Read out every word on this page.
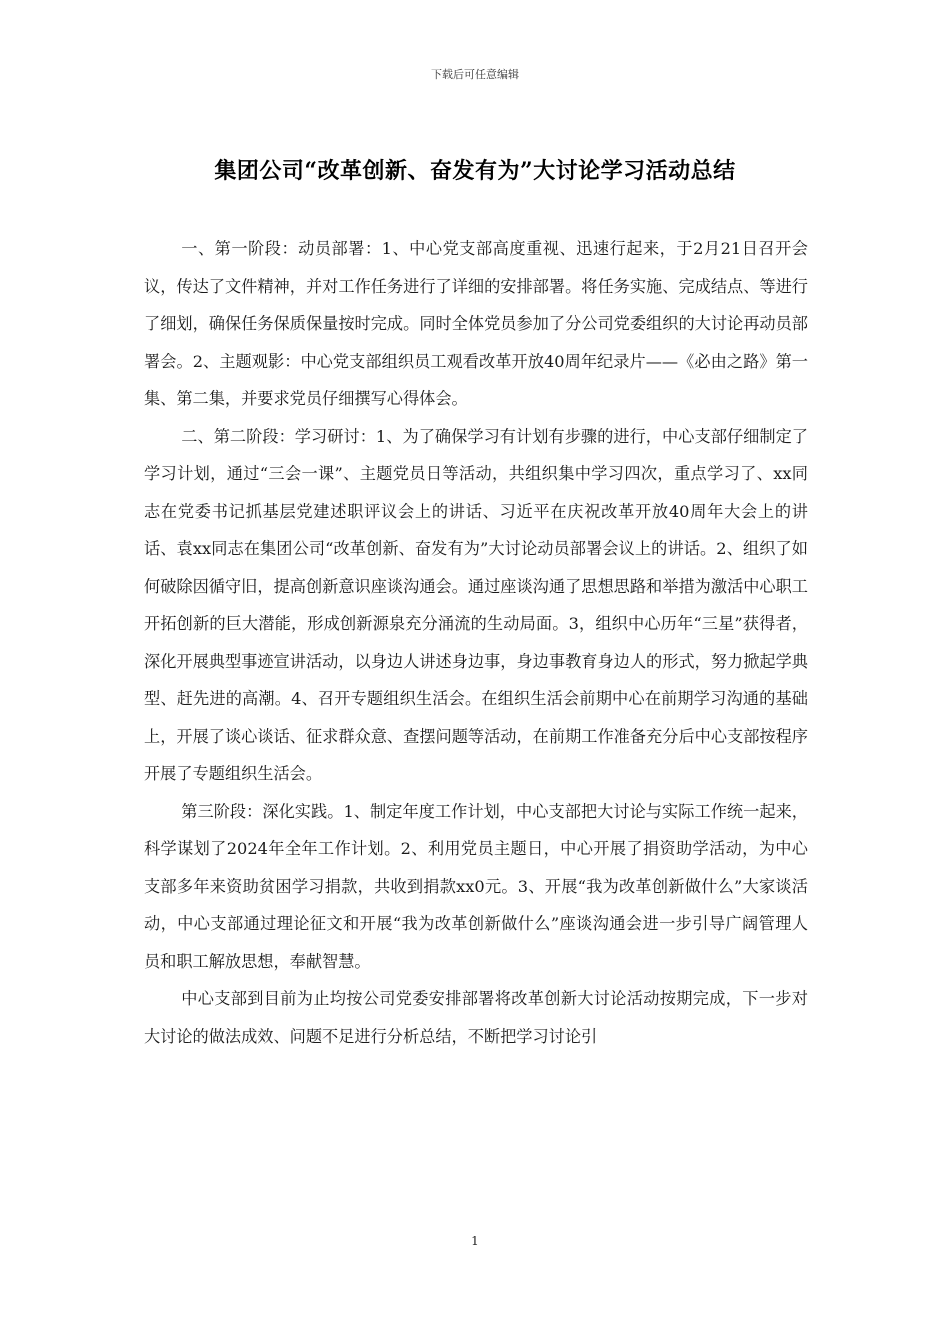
下载后可任意编辑
集团公司“改革创新、奋发有为”大讨论学习活动总结

一、第一阶段：动员部署：1、中心党支部高度重视、迅速行起来，于2月21日召开会议，传达了文件精神，并对工作任务进行了详细的安排部署。将任务实施、完成结点、等进行了细划，确保任务保质保量按时完成。同时全体党员参加了分公司党委组织的大讨论再动员部署会。2、主题观影：中心党支部组织员工观看改革开放40周年纪录片——《必由之路》第一集、第二集，并要求党员仔细撰写心得体会。

二、第二阶段：学习研讨：1、为了确保学习有计划有步骤的进行，中心支部仔细制定了学习计划，通过“三会一课”、主题党员日等活动，共组织集中学习四次，重点学习了、xx同志在党委书记抓基层党建述职评议会上的讲话、习近平在庆祝改革开放40周年大会上的讲话、袁xx同志在集团公司“改革创新、奋发有为”大讨论动员部署会议上的讲话。2、组织了如何破除因循守旧，提高创新意识座谈沟通会。通过座谈沟通了思想思路和举措为激活中心职工开拓创新的巨大潜能，形成创新源泉充分涌流的生动局面。3，组织中心历年“三星”获得者，深化开展典型事迹宣讲活动，以身边人讲述身边事，身边事教育身边人的形式，努力掀起学典型、赶先进的高潮。4、召开专题组织生活会。在组织生活会前期中心在前期学习沟通的基础上，开展了谈心谈话、征求群众意、查摆问题等活动，在前期工作准备充分后中心支部按程序开展了专题组织生活会。

第三阶段：深化实践。1、制定年度工作计划，中心支部把大讨论与实际工作统一起来，科学谋划了2024年全年工作计划。2、利用党员主题日，中心开展了捐资助学活动，为中心支部多年来资助贫困学习捐款，共收到捐款xx0元。3、开展“我为改革创新做什么”大家谈活动，中心支部通过理论征文和开展“我为改革创新做什么”座谈沟通会进一步引导广阔管理人员和职工解放思想，奉献智慧。

中心支部到目前为止均按公司党委安排部署将改革创新大讨论活动按期完成，下一步对大讨论的做法成效、问题不足进行分析总结，不断把学习讨论引

1
